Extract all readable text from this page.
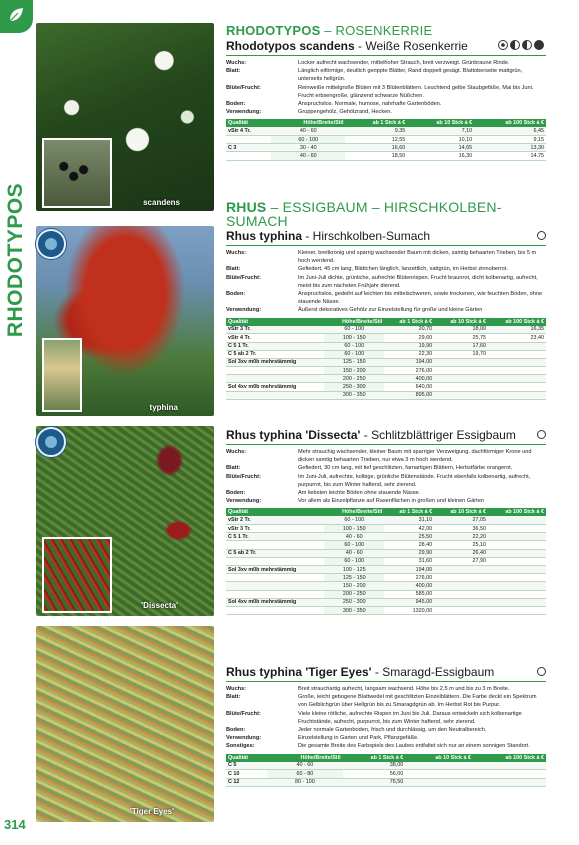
RHODOTYPOS
314
scandens
typhina
'Dissecta'
'Tiger Eyes'
RHODOTYPOS – ROSENKERRIE
Rhodotypos scandens - Weiße Rosenkerrie
Wuchs:	Locker aufrecht wachsender, mittelhoher Strauch, breit verzweigt. Grünbraune Rinde.
Blatt:	Länglich eiförmige, deutlich gerippte Blätter, Rand doppelt gesägt. Blattoberseite mattgrün, unterseits hellgrün.
Blüte/Frucht:	Reinweiße mittelgroße Blüten mit 3 Blütenblättern. Leuchtend gelbe Staubgefäße, Mai bis Juni. Frucht erbsengroße, glänzend schwarze Nüßchen.
Boden:	Anspruchslos. Normale, humose, nahrhafte Gartenböden.
Verwendung:	Gruppengehölz, Gehölzrand, Hecken.
Qualität	Höhe/Breite/Stil	ab 1 Stck á €	ab 10 Stck á €	ab 100 Stck á €
vStr 4 Tr.	40 - 60	9,35	7,10	6,45
	60 - 100	12,55	10,10	9,15
C 3	30 - 40	16,60	14,65	13,30
	40 - 60	18,50	16,30	14,75
RHUS – ESSIGBAUM – HIRSCHKOLBEN-SUMACH
Rhus typhina - Hirschkolben-Sumach
Wuchs:	Kleiner, breitkronig und sparrig wachsender Baum mit dicken, samtig behaarten Trieben, bis 5 m hoch werdend.
Blatt:	Gefiedert, 45 cm lang, Blättchen länglich, lanzettlich, sattgrün, im Herbst zinnoberrot.
Blüte/Frucht:	Im Juni-Juli dichte, grünliche, aufrechte Blütenrispen. Frucht braunrot, dicht kolbenartig, aufrecht, meist bis zum nächsten Frühjahr dierend.
Boden:	Anspruchslos, gedeiht auf leichten bis mittelschweren, sowie trockenen, wie feuchten Böden, ohne stauende Nässe.
Verwendung:	Äußerst dekoratives Gehölz zur Einzelstellung für große und kleine Gärten
Qualität	Höhe/Breite/Stil	ab 1 Stck á €	ab 10 Stck á €	ab 100 Stck á €
vStr 3 Tr.	60 - 100	20,70	18,00	16,35
vStr 4 Tr.	100 - 150	29,60	25,75	23,40
C 5 1 Tr.	60 - 100	19,90	17,60	
C 5 ab 2 Tr.	60 - 100	22,30	19,70	
Sol 3xv m0b mehrstämmig	125 - 150	194,00		
	150 - 200	276,00		
	200 - 250	400,00		
Sol 4xv m0b mehrstämmig	250 - 300	640,00		
	300 - 350	895,00		
Rhus typhina 'Dissecta' - Schlitzblättriger Essigbaum
Wuchs:	Mehr strauchig wachsender, kleiner Baum mit sparriger Verzweigung, dachförmiger Krone und dicken samtig behaarten Trieben, nur etwa 3 m hoch werdend.
Blatt:	Gefiedert, 30 cm lang, mit tief geschlitzten, farnartigen Blättern, Herbstfärbe orangerot.
Blüte/Frucht:	Im Juni-Juli, aufrechte, kolbige, grünliche Blütenstände. Frucht ebenfalls kolbenartig, aufrecht, purpurrot, bis zum Winter haftend, sehr zierend.
Boden:	Am liebsten leichte Böden ohne stauende Nässe.
Verwendung:	Vor allem als Einzelpflanze auf Rasenflächen in großen und kleinen Gärten
Qualität	Höhe/Breite/Stil	ab 1 Stck á €	ab 10 Stck á €	ab 100 Stck á €
vStr 2 Tr.	60 - 100	31,10	27,05	
vStr 3 Tr.	100 - 150	42,00	36,50	
C 5 1 Tr.	40 - 60	25,50	22,20	
	60 - 100	28,40	25,10	
C 5 ab 2 Tr.	40 - 60	29,90	26,40	
	60 - 100	31,60	27,90	
Sol 3xv m0b mehrstämmig	100 - 125	194,00		
	125 - 150	276,00		
	150 - 200	400,00		
	200 - 250	585,00		
Sol 4xv m0b mehrstämmig	250 - 300	945,00		
	300 - 350	1320,00		
Rhus typhina 'Tiger Eyes' - Smaragd-Essigbaum
Wuchs:	Breit strauchartig aufrecht, langsam wachsend. Höhe bis 2,5 m und bis zu 3 m Breite.
Blatt:	Große, leicht gebogene Blattwedel mit geschlitzten Einzelblättern. Die Farbe deckt ein Spektrum von Gelblichgrün über Hellgrün bis zu Smaragdgrün ab. Im Herbst Rot bis Purpur.
Blüte/Frucht:	Viele kleine rötliche, aufrechte Rispen im Juni bis Juli. Daraus entwickeln sich kolbenartige Fruchtstände, aufrecht, purpurrot, bis zum Winter haftend, sehr zierend.
Boden:	Jeder normale Gartenboden, frisch und durchlässig, um den Neutralbereich.
Verwendung:	Einzelstellung in Garten und Park, Pflanzgefäße.
Sonstiges:	Die gesamte Breite des Farbspiels des Laubes entfaltet sich nur an einem sonnigen Standort.
Qualität	Höhe/Breite/Stil	ab 1 Stck á €	ab 10 Stck á €	ab 100 Stck á €
C 5	40 - 60	38,00		
C 10	60 - 80	56,00		
C 12	80 - 100	76,50		
